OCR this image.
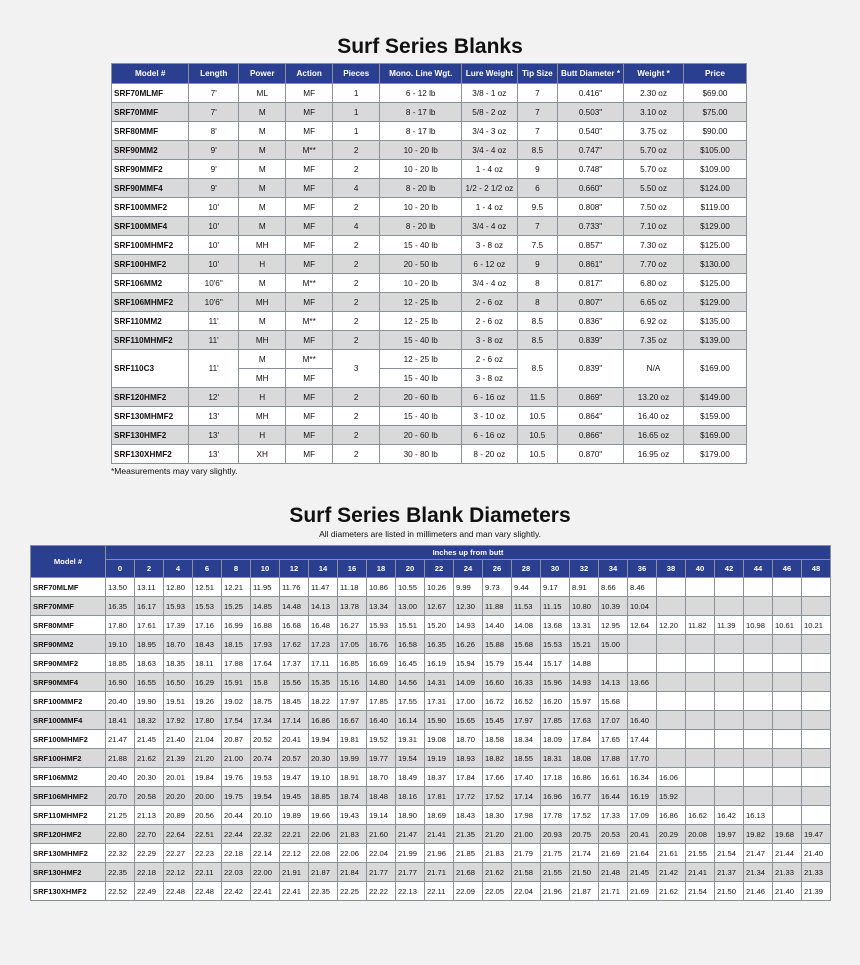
Surf Series Blanks
Model #	Length	Power	Action	Pieces	Mono. Line Wgt.	Lure Weight	Tip Size	Butt Diameter *	Weight *	Price
SRF70MLMF	7'	ML	MF	1	6 - 12 lb	3/8 - 1 oz	7	0.416"	2.30 oz	$69.00
SRF70MMF	7'	M	MF	1	8 - 17 lb	5/8 - 2 oz	7	0.503"	3.10 oz	$75.00
SRF80MMF	8'	M	MF	1	8 - 17 lb	3/4 - 3 oz	7	0.540"	3.75 oz	$90.00
SRF90MM2	9'	M	M**	2	10 - 20 lb	3/4 - 4 oz	8.5	0.747"	5.70 oz	$105.00
SRF90MMF2	9'	M	MF	2	10 - 20 lb	1 - 4 oz	9	0.748"	5.70 oz	$109.00
SRF90MMF4	9'	M	MF	4	8 - 20 lb	1/2 - 2 1/2 oz	6	0.660"	5.50 oz	$124.00
SRF100MMF2	10'	M	MF	2	10 - 20 lb	1 - 4 oz	9.5	0.808"	7.50 oz	$119.00
SRF100MMF4	10'	M	MF	4	8 - 20 lb	3/4 - 4 oz	7	0.733"	7.10 oz	$129.00
SRF100MHMF2	10'	MH	MF	2	15 - 40 lb	3 - 8 oz	7.5	0.857"	7.30 oz	$125.00
SRF100HMF2	10'	H	MF	2	20 - 50 lb	6 - 12 oz	9	0.861"	7.70 oz	$130.00
SRF106MM2	10'6"	M	M**	2	10 - 20 lb	3/4 - 4 oz	8	0.817"	6.80 oz	$125.00
SRF106MHMF2	10'6"	MH	MF	2	12 - 25 lb	2 - 6 oz	8	0.807"	6.65 oz	$129.00
SRF110MM2	11'	M	M**	2	12 - 25 lb	2 - 6 oz	8.5	0.836"	6.92 oz	$135.00
SRF110MHMF2	11'	MH	MF	2	15 - 40 lb	3 - 8 oz	8.5	0.839"	7.35 oz	$139.00
SRF110C3	11'	M	M**	3	12 - 25 lb	2 - 6 oz	8.5	0.839"	N/A	$169.00
		MH	MF		15 - 40 lb	3 - 8 oz				
SRF120HMF2	12'	H	MF	2	20 - 60 lb	6 - 16 oz	11.5	0.869"	13.20 oz	$149.00
SRF130MHMF2	13'	MH	MF	2	15 - 40 lb	3 - 10 oz	10.5	0.864"	16.40 oz	$159.00
SRF130HMF2	13'	H	MF	2	20 - 60 lb	6 - 16 oz	10.5	0.866"	16.65 oz	$169.00
SRF130XHMF2	13'	XH	MF	2	30 - 80 lb	8 - 20 oz	10.5	0.870"	16.95 oz	$179.00
*Measurements may vary slightly.
Surf Series Blank Diameters
All diameters are listed in millimeters and man vary slightly.
Model #	Inches up from butt																								
	0	2	4	6	8	10	12	14	16	18	20	22	24	26	28	30	32	34	36	38	40	42	44	46	48
SRF70MLMF	13.50	13.11	12.80	12.51	12.21	11.95	11.76	11.47	11.18	10.86	10.55	10.26	9.99	9.73	9.44	9.17	8.91	8.66	8.46						
SRF70MMF	16.35	16.17	15.93	15.53	15.25	14.85	14.48	14.13	13.78	13.34	13.00	12.67	12.30	11.88	11.53	11.15	10.80	10.39	10.04						
SRF80MMF	17.80	17.61	17.39	17.16	16.99	16.88	16.68	16.48	16.27	15.93	15.51	15.20	14.93	14.40	14.08	13.68	13.31	12.95	12.64	12.20	11.82	11.39	10.98	10.61	10.21
SRF90MM2	19.10	18.95	18.70	18.43	18.15	17.93	17.62	17.23	17.05	16.76	16.58	16.35	16.26	15.88	15.68	15.53	15.21	15.00							
SRF90MMF2	18.85	18.63	18.35	18.11	17.88	17.64	17.37	17.11	16.85	16.69	16.45	16.19	15.94	15.79	15.44	15.17	14.88								
SRF90MMF4	16.90	16.55	16.50	16.29	15.91	15.8	15.56	15.35	15.16	14.80	14.56	14.31	14.09	16.60	16.33	15.96	14.93	14.13	13.66						
SRF100MMF2	20.40	19.90	19.51	19.26	19.02	18.75	18.45	18.22	17.97	17.85	17.55	17.31	17.00	16.72	16.52	16.20	15.97	15.68							
SRF100MMF4	18.41	18.32	17.92	17.80	17.54	17.34	17.14	16.86	16.67	16.40	16.14	15.90	15.65	15.45	17.97	17.85	17.63	17.07	16.40						
SRF100MHMF2	21.47	21.45	21.40	21.04	20.87	20.52	20.41	19.94	19.81	19.52	19.31	19.08	18.70	18.58	18.34	18.09	17.84	17.65	17.44						
SRF100HMF2	21.88	21.62	21.39	21.20	21.00	20.74	20.57	20.30	19.99	19.77	19.54	19.19	18.93	18.82	18.55	18.31	18.08	17.88	17.70						
SRF106MM2	20.40	20.30	20.01	19.84	19.76	19.53	19.47	19.10	18.91	18.70	18.49	18.37	17.84	17.66	17.40	17.18	16.86	16.61	16.34	16.06					
SRF106MHMF2	20.70	20.58	20.20	20.00	19.75	19.54	19.45	18.85	18.74	18.48	18.16	17.81	17.72	17.52	17.14	16.96	16.77	16.44	16.19	15.92					
SRF110MHMF2	21.25	21.13	20.89	20.56	20.44	20.10	19.89	19.66	19.43	19.14	18.90	18.69	18.43	18.30	17.98	17.78	17.52	17.33	17.09	16.86	16.62	16.42	16.13		
SRF120HMF2	22.80	22.70	22.64	22.51	22.44	22.32	22.21	22.06	21.83	21.60	21.47	21.41	21.35	21.20	21.00	20.93	20.75	20.53	20.41	20.29	20.08	19.97	19.82	19.68	19.47
SRF130MHMF2	22.32	22.29	22.27	22.23	22.18	22.14	22.12	22.08	22.06	22.04	21.99	21.96	21.85	21.83	21.79	21.75	21.74	21.69	21.64	21.61	21.55	21.54	21.47	21.44	21.40
SRF130HMF2	22.35	22.18	22.12	22.11	22.03	22.00	21.91	21.87	21.84	21.77	21.77	21.71	21.68	21.62	21.58	21.55	21.50	21.48	21.45	21.42	21.41	21.37	21.34	21.33	21.33
SRF130XHMF2	22.52	22.49	22.48	22.48	22.42	22.41	22.41	22.35	22.25	22.22	22.13	22.11	22.09	22.05	22.04	21.96	21.87	21.71	21.69	21.62	21.54	21.50	21.46	21.40	21.39
